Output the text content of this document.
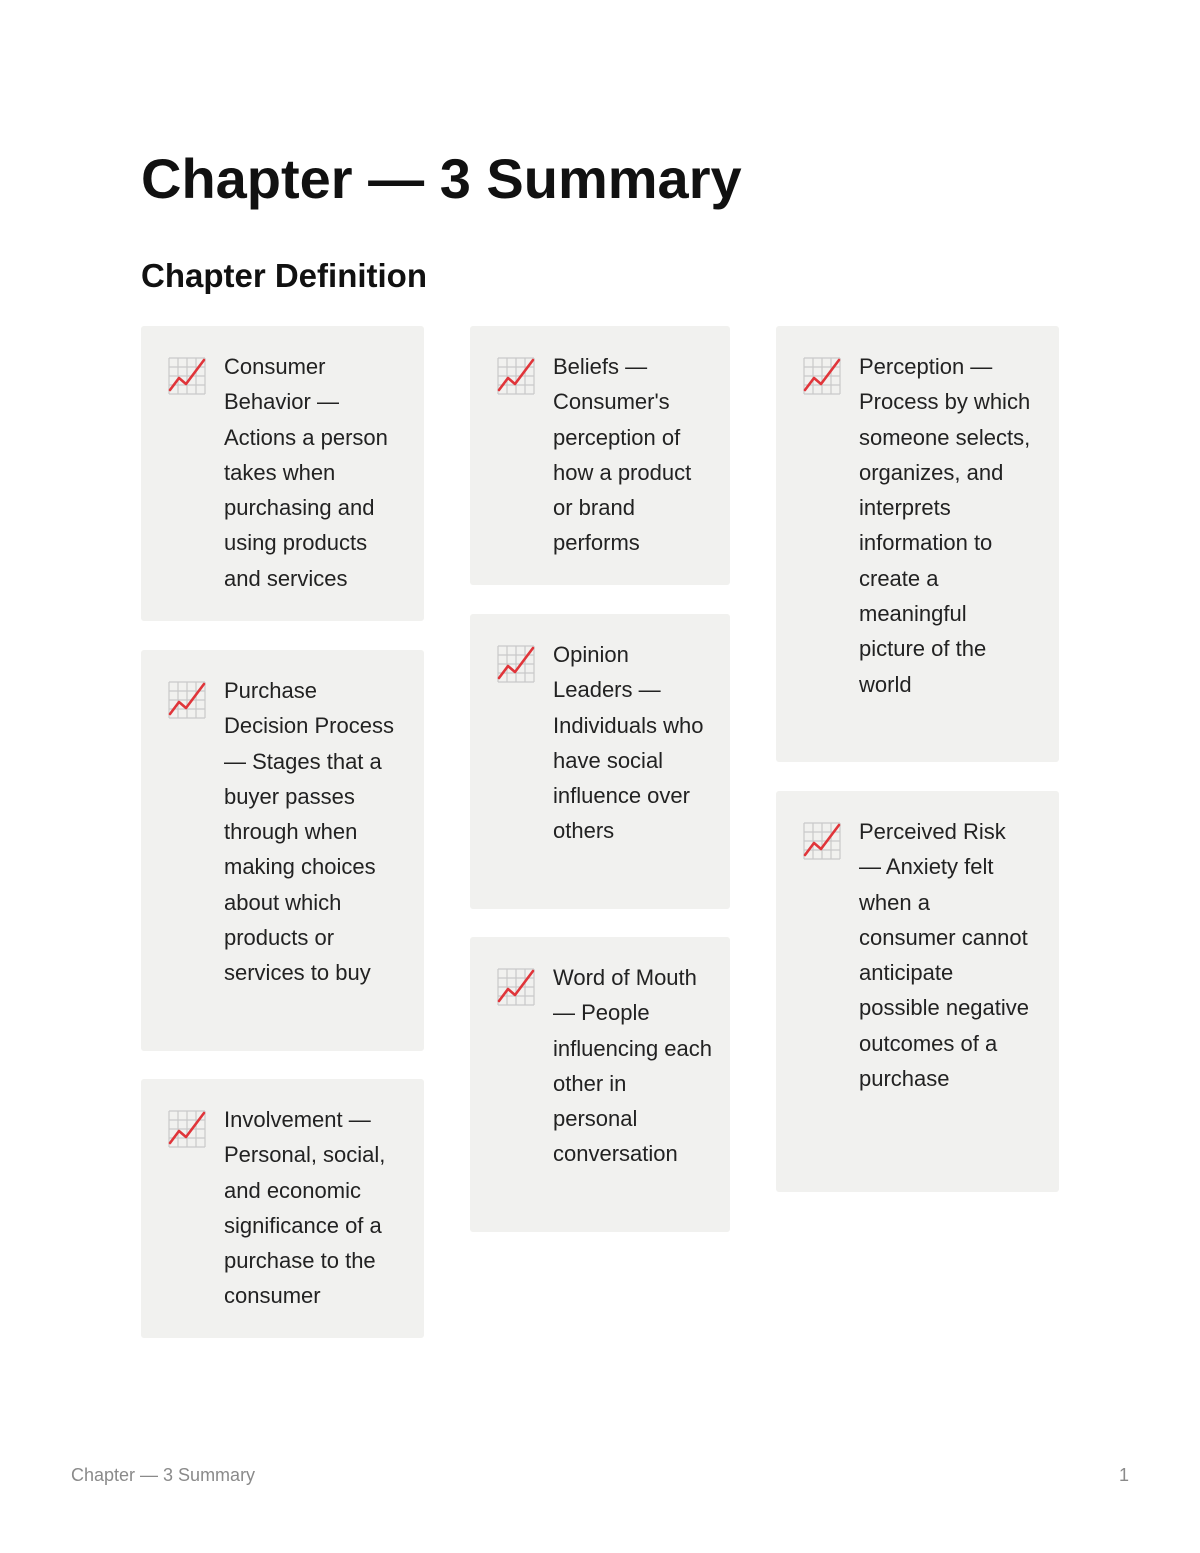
Chapter — 3 Summary
Chapter Definition

Consumer Behavior — Actions a person takes when purchasing and using products and services

Purchase Decision Process — Stages that a buyer passes through when making choices about which products or services to buy

Involvement — Personal, social, and economic significance of a purchase to the consumer

Beliefs — Consumer's perception of how a product or brand performs

Opinion Leaders — Individuals who have social influence over others

Word of Mouth — People influencing each other in personal conversation

Perception — Process by which someone selects, organizes, and interprets information to create a meaningful picture of the world

Perceived Risk — Anxiety felt when a consumer cannot anticipate possible negative outcomes of a purchase

Chapter — 3 Summary	1
